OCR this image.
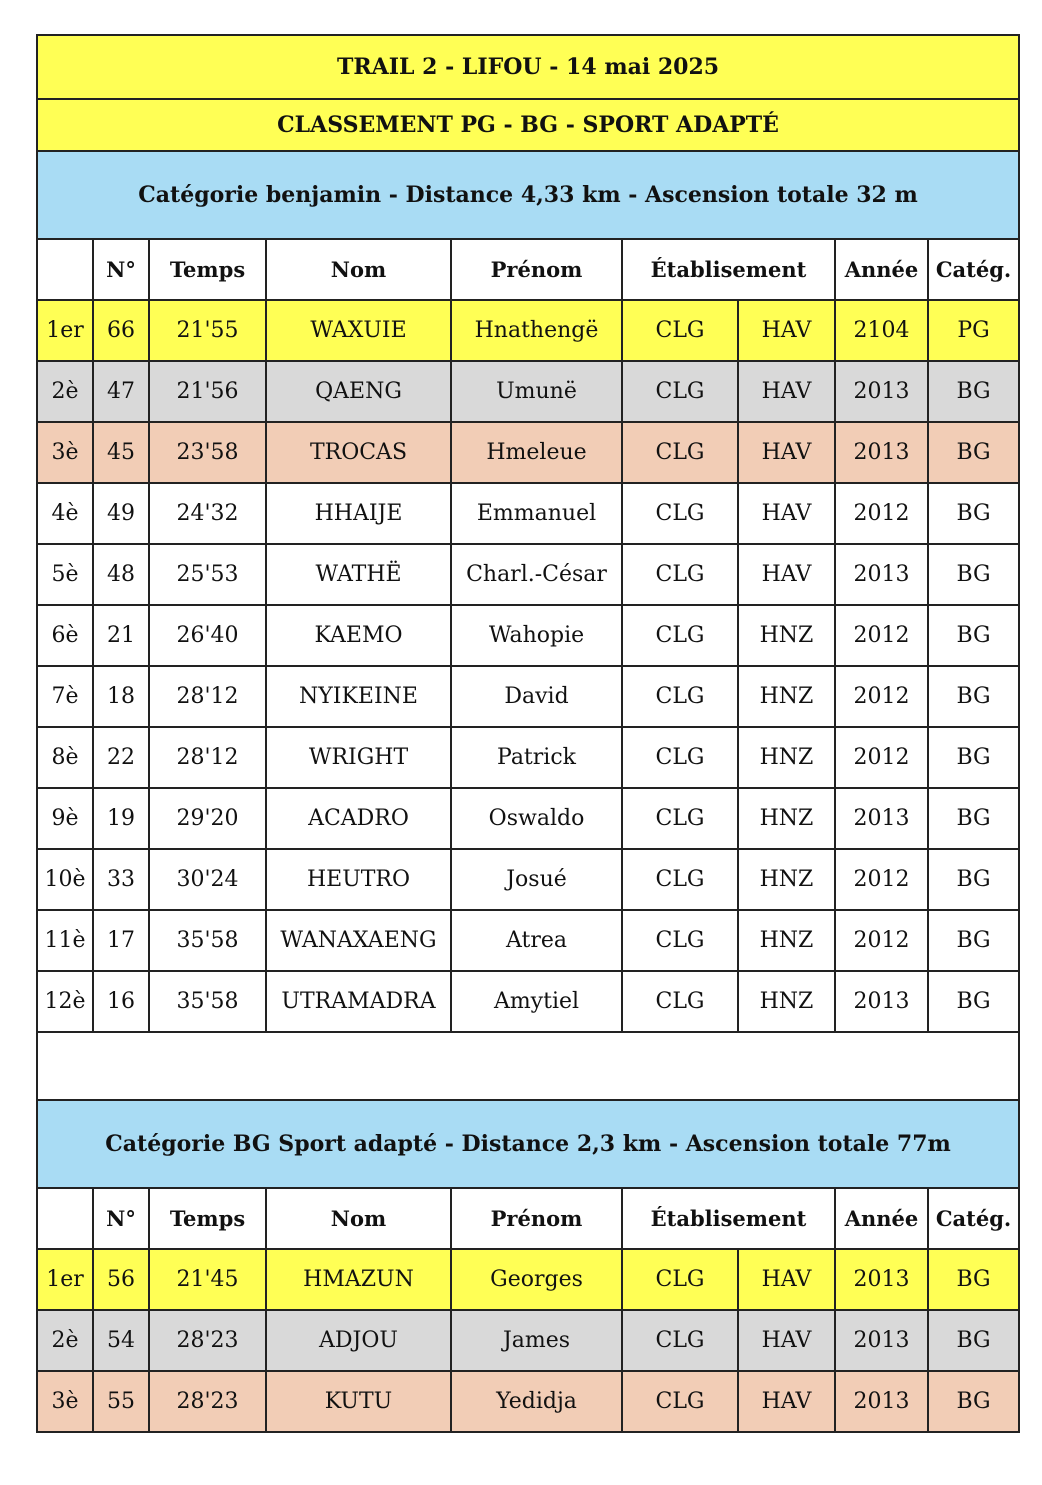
TRAIL 2 - LIFOU - 14 mai 2025								
CLASSEMENT PG - BG - SPORT ADAPTÉ								
Catégorie benjamin - Distance 4,33 km - Ascension totale 32 m								
	N°	Temps	Nom	Prénom	Établisement		Année	Catég.
1er	66	21'55	WAXUIE	Hnathengë	CLG	HAV	2104	PG
2è	47	21'56	QAENG	Umunë	CLG	HAV	2013	BG
3è	45	23'58	TROCAS	Hmeleue	CLG	HAV	2013	BG
4è	49	24'32	HHAIJE	Emmanuel	CLG	HAV	2012	BG
5è	48	25'53	WATHË	Charl.-César	CLG	HAV	2013	BG
6è	21	26'40	KAEMO	Wahopie	CLG	HNZ	2012	BG
7è	18	28'12	NYIKEINE	David	CLG	HNZ	2012	BG
8è	22	28'12	WRIGHT	Patrick	CLG	HNZ	2012	BG
9è	19	29'20	ACADRO	Oswaldo	CLG	HNZ	2013	BG
10è	33	30'24	HEUTRO	Josué	CLG	HNZ	2012	BG
11è	17	35'58	WANAXAENG	Atrea	CLG	HNZ	2012	BG
12è	16	35'58	UTRAMADRA	Amytiel	CLG	HNZ	2013	BG

Catégorie BG Sport adapté - Distance 2,3 km - Ascension totale 77m								
	N°	Temps	Nom	Prénom	Établisement		Année	Catég.
1er	56	21'45	HMAZUN	Georges	CLG	HAV	2013	BG
2è	54	28'23	ADJOU	James	CLG	HAV	2013	BG
3è	55	28'23	KUTU	Yedidja	CLG	HAV	2013	BG
